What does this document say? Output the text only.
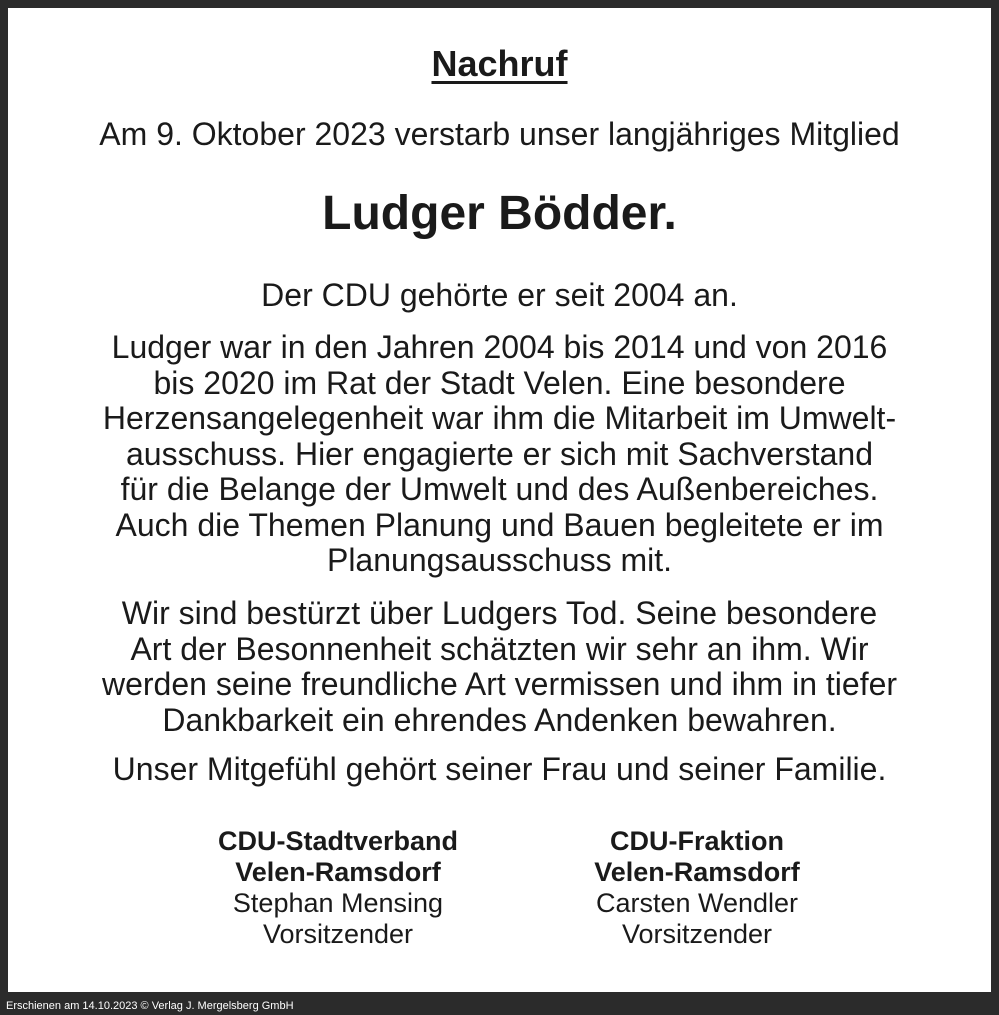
Nachruf
Am 9. Oktober 2023 verstarb unser langjähriges Mitglied
Ludger Bödder.
Der CDU gehörte er seit 2004 an.
Ludger war in den Jahren 2004 bis 2014 und von 2016
bis 2020 im Rat der Stadt Velen. Eine besondere
Herzensangelegenheit war ihm die Mitarbeit im Umwelt-
ausschuss. Hier engagierte er sich mit Sachverstand
für die Belange der Umwelt und des Außenbereiches.
Auch die Themen Planung und Bauen begleitete er im
Planungsausschuss mit.
Wir sind bestürzt über Ludgers Tod. Seine besondere
Art der Besonnenheit schätzten wir sehr an ihm. Wir
werden seine freundliche Art vermissen und ihm in tiefer
Dankbarkeit ein ehrendes Andenken bewahren.
Unser Mitgefühl gehört seiner Frau und seiner Familie.
CDU-Stadtverband
Velen-Ramsdorf
Stephan Mensing
Vorsitzender
CDU-Fraktion
Velen-Ramsdorf
Carsten Wendler
Vorsitzender
Erschienen am 14.10.2023 © Verlag J. Mergelsberg GmbH
